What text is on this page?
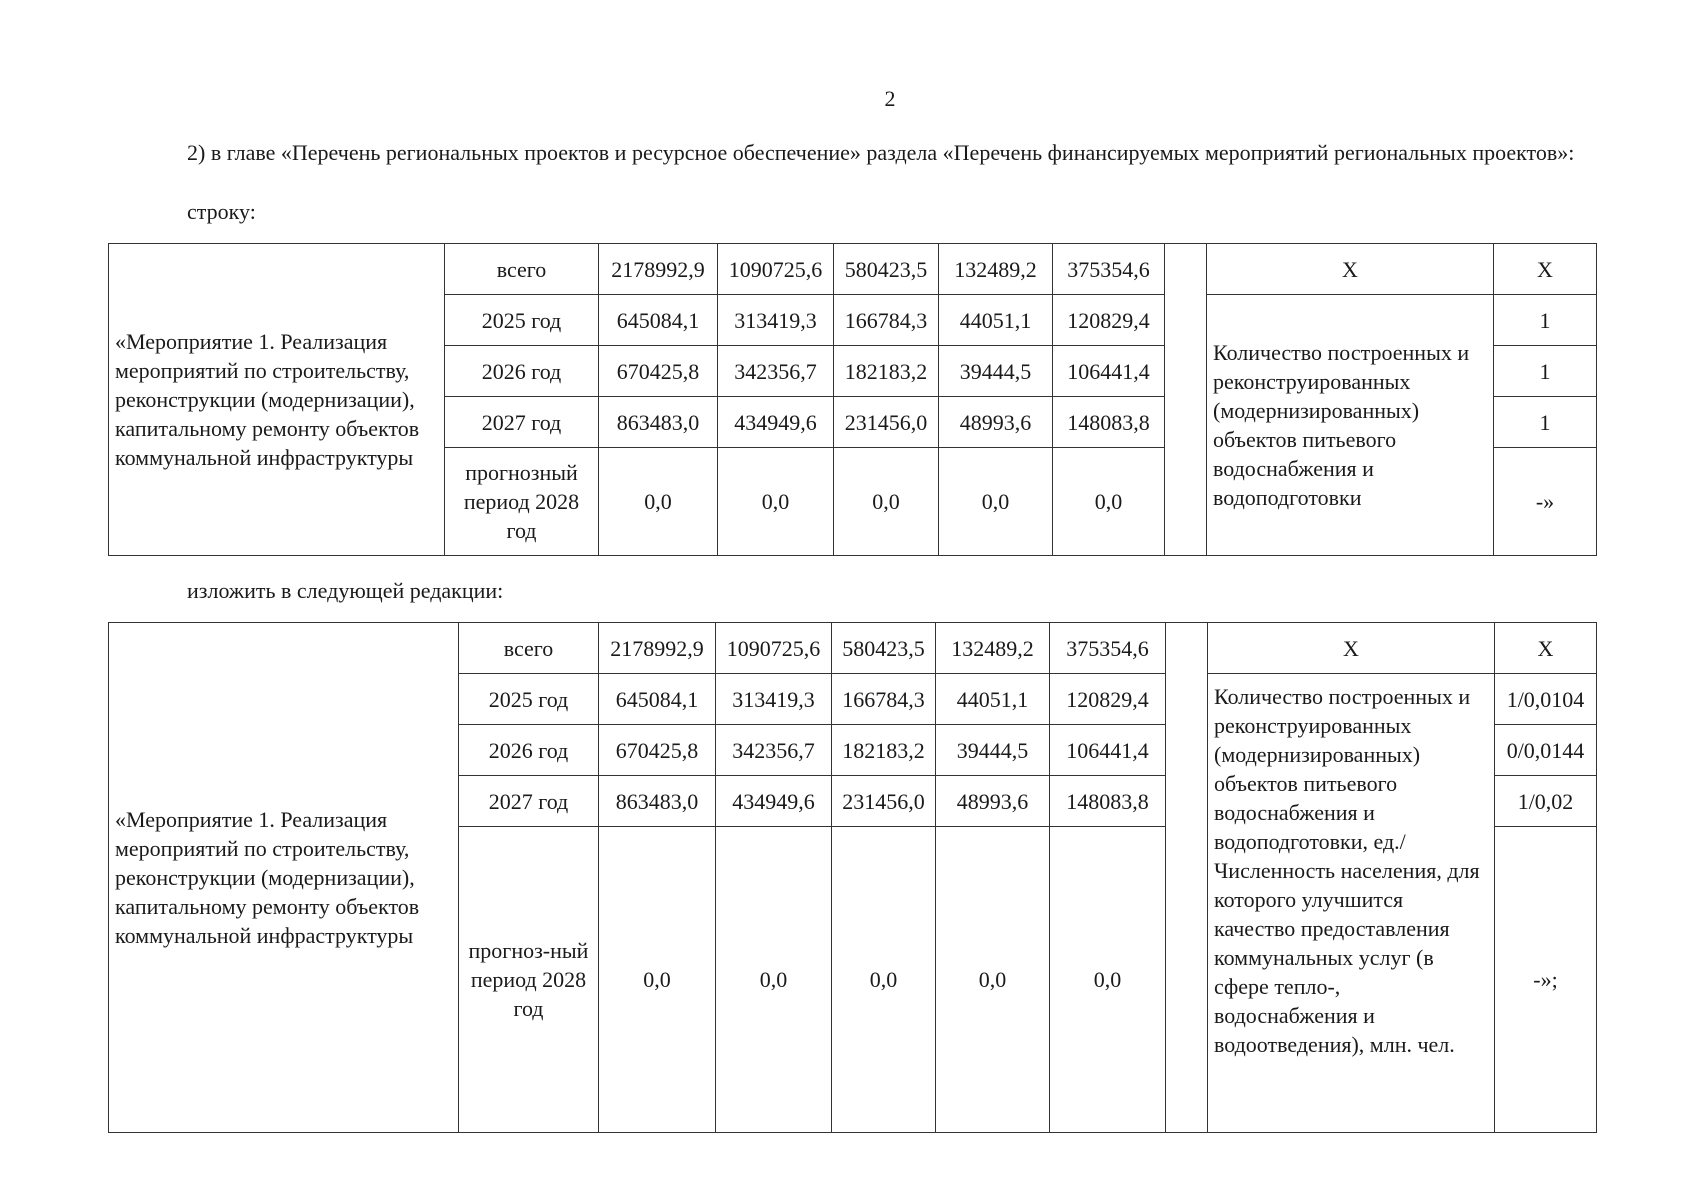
2
2) в главе «Перечень региональных проектов и ресурсное обеспечение» раздела «Перечень финансируемых мероприятий региональных проектов»:
строку:
«Мероприятие 1. Реализация мероприятий по строительству, реконструкции (модернизации), капитальному ремонту объектов коммунальной инфраструктуры	всего	2178992,9	1090725,6	580423,5	132489,2	375354,6		X	X
	2025 год	645084,1	313419,3	166784,3	44051,1	120829,4		Количество построенных и реконструированных (модернизированных) объектов питьевого водоснабжения и водоподготовки	1
	2026 год	670425,8	342356,7	182183,2	39444,5	106441,4			1
	2027 год	863483,0	434949,6	231456,0	48993,6	148083,8			1
	прогнозный период 2028 год	0,0	0,0	0,0	0,0	0,0			-»
изложить в следующей редакции:
«Мероприятие 1. Реализация мероприятий по строительству, реконструкции (модернизации), капитальному ремонту объектов коммунальной инфраструктуры	всего	2178992,9	1090725,6	580423,5	132489,2	375354,6		X	X
	2025 год	645084,1	313419,3	166784,3	44051,1	120829,4		Количество построенных и реконструированных (модернизированных) объектов питьевого водоснабжения и водоподготовки, ед./ Численность населения, для которого улучшится качество предоставления коммунальных услуг (в сфере тепло-, водоснабжения и водоотведения), млн. чел.	1/0,0104
	2026 год	670425,8	342356,7	182183,2	39444,5	106441,4			0/0,0144
	2027 год	863483,0	434949,6	231456,0	48993,6	148083,8			1/0,02
	прогноз-ный период 2028 год	0,0	0,0	0,0	0,0	0,0			-»;
